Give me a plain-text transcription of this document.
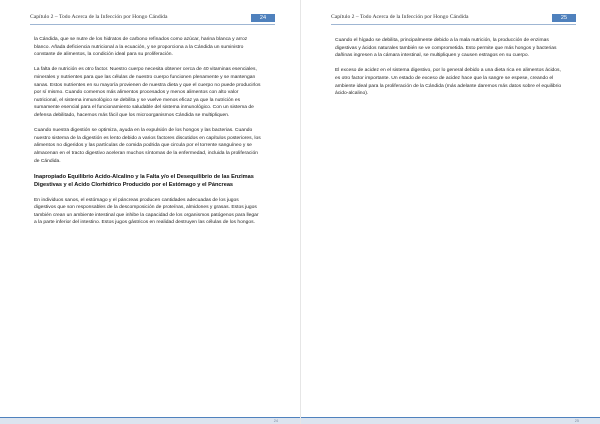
Capítulo 2 – Todo Acerca de la Infección por Hongo Cándida	24

la Cándida, que se nutre de los hidratos de carbono refinados como azúcar, harina blanca y arroz blanco. Añada deficiencia nutricional a la ecuación, y se proporciona a la Cándida un suministro constante de alimentos, la condición ideal para su proliferación.

La falta de nutrición es otro factor. Nuestro cuerpo necesita obtener cerca de 40 vitaminas esenciales, minerales y nutrientes para que las células de nuestro cuerpo funcionen plenamente y se mantengan sanas. Estos nutrientes en su mayoría provienen de nuestra dieta y que el cuerpo no puede producirlos por sí mismo. Cuando comemos más alimentos procesados y menos alimentos con alto valor nutricional, el sistema inmunológico se debilita y se vuelve menos eficaz ya que la nutrición es sumamente esencial para el funcionamiento saludable del sistema inmunológico. Con un sistema de defensa debilitado, hacemos más fácil que los microorganismos Cándida se multipliquen.

Cuando nuestra digestión se optimiza, ayuda en la expulsión de los hongos y las bacterias. Cuando nuestro sistema de la digestión es lento debido a varios factores discutidos en capítulos posteriores, los alimentos no digeridos y las partículas de comida podrida que circula por el torrente sanguíneo y se almacenan en el tracto digestivo aceleran muchos síntomas de la enfermedad, incluida la proliferación de Cándida.

Inapropiado Equilibrio Acido-Alcalino y la Falta y/o el Desequilibrio de las Enzimas Digestivas y el Acido Clorhídrico Producido por el Estómago y el Páncreas

En individuos sanos, el estómago y el páncreas producen cantidades adecuadas de los jugos digestivos que son responsables de la descomposición de proteínas, almidones y grasas. Estos jugos también crean un ambiente intestinal que inhibe la capacidad de los organismos patógenos para llegar a la parte inferior del intestino. Estos jugos gástricos en realidad destruyen las células de los hongos.

24
Capítulo 2 – Todo Acerca de la Infección por Hongo Cándida	25

Cuando el hígado se debilita, principalmente debido a la mala nutrición, la producción de enzimas digestivas y ácidos naturales también se ve comprometida. Esto permite que más hongos y bacterias dañinas ingresen a la cámara intestinal, se multipliquen y causen estragos en su cuerpo.

El exceso de acidez en el sistema digestivo, por lo general debido a una dieta rica en alimentos ácidos, es otro factor importante. Un estado de exceso de acidez hace que la sangre se espese, creando el ambiente ideal para la proliferación de la Cándida (más adelante daremos más datos sobre el equilibrio ácido-alcalino).

25
